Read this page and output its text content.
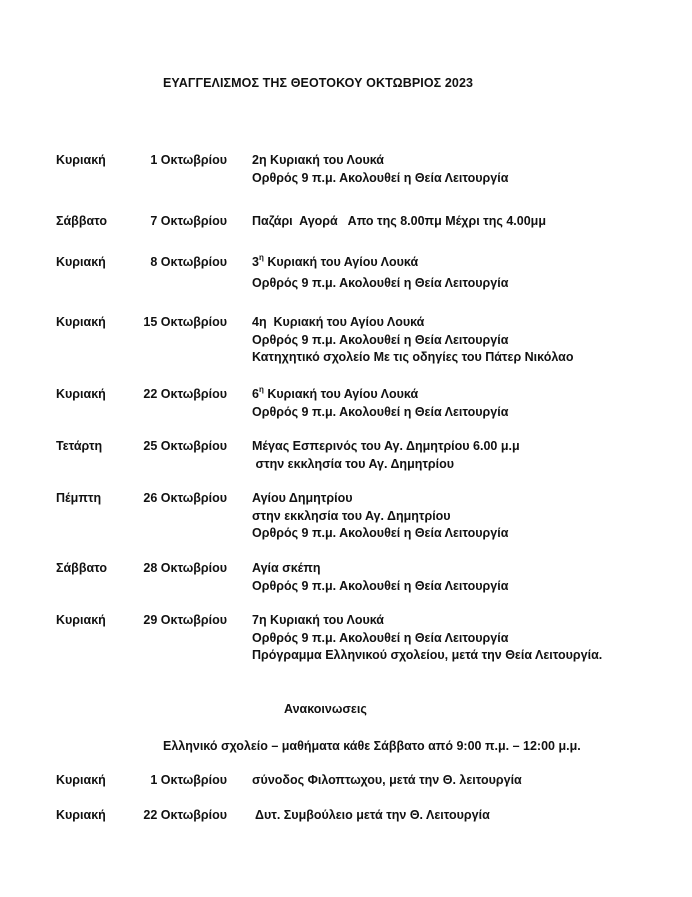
ΕΥΑΓΓΕΛΙΣΜΟΣ ΤΗΣ ΘΕΟΤΟΚΟΥ ΟΚΤΩΒΡΙΟΣ 2023
Κυριακή	1 Οκτωβρίου 2η Κυριακή του Λουκά
Ορθρός 9 π.μ. Ακολουθεί η Θεία Λειτουργία
Σάββατο	7 Οκτωβρίου Παζάρι  Αγορά   Απο της 8.00πμ Μέχρι της 4.00μμ
Κυριακή	8 Οκτωβρίου $3^\eta$ Κυριακή του Αγίου Λουκά
Ορθρός 9 π.μ. Ακολουθεί η Θεία Λειτουργία
Κυριακή	15 Οκτωβρίου 4η  Κυριακή του Αγίου Λουκά
Ορθρός 9 π.μ. Ακολουθεί η Θεία Λειτουργία
Κατηχητικό σχολείο Με τις οδηγίες του Πάτερ Νικόλαο
Κυριακή	22 Οκτωβρίου $6^\eta$ Κυριακή του Αγίου Λουκά
Ορθρός 9 π.μ. Ακολουθεί η Θεία Λειτουργία
Τετάρτη	25 Οκτωβρίου Μέγας Εσπερινός του Αγ. Δημητρίου 6.00 μ.μ
στην εκκλησία του Αγ. Δημητρίου
Πέμπτη	26 Οκτωβρίου Αγίου Δημητρίου
στην εκκλησία του Αγ. Δημητρίου
Ορθρός 9 π.μ. Ακολουθεί η Θεία Λειτουργία
Σάββατο	28 Οκτωβρίου Αγία σκέπη
Ορθρός 9 π.μ. Ακολουθεί η Θεία Λειτουργία
Κυριακή	29 Οκτωβρίου 7η Κυριακή του Λουκά
Ορθρός 9 π.μ. Ακολουθεί η Θεία Λειτουργία
Πρόγραμμα Ελληνικού σχολείου, μετά την Θεία Λειτουργία.
Ανακοινωσεις
Ελληνικό σχολείο – μαθήματα κάθε Σάββατο από 9:00 π.μ. – 12:00 μ.μ.
Κυριακή	1 Οκτωβρίου σύνοδος Φιλοπτωχου, μετά την Θ. λειτουργία
Κυριακή	22 Οκτωβρίου Δυτ. Συμβούλειο μετά την Θ. Λειτουργία
